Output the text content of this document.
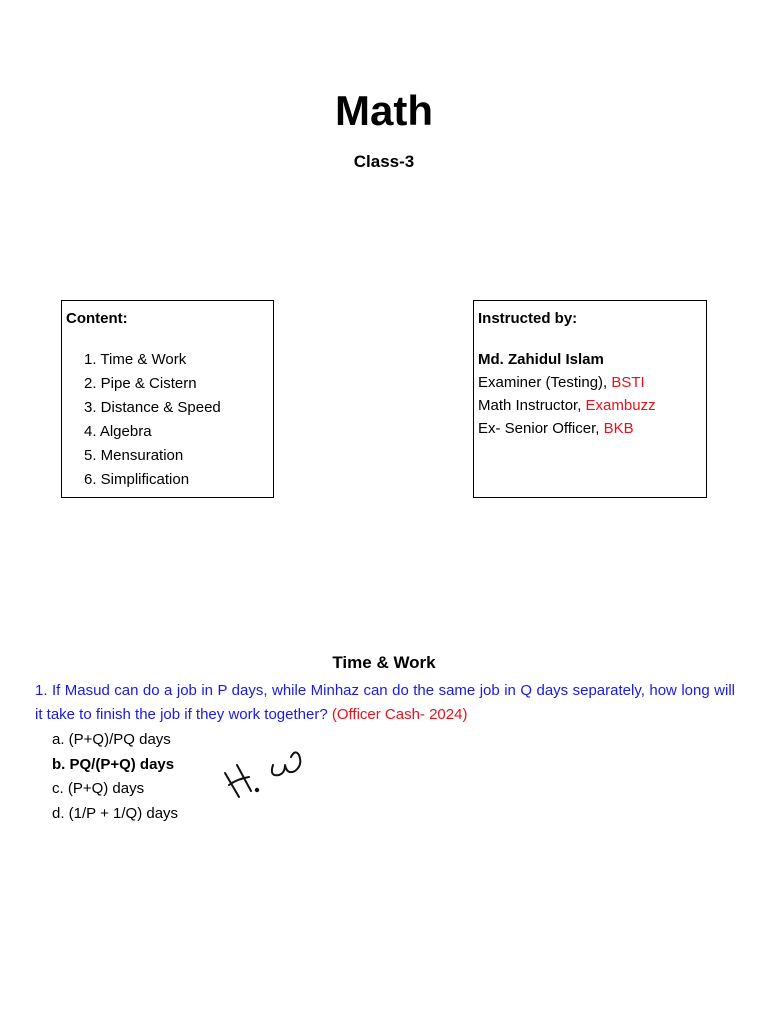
Math
Class-3
Content:
1. Time & Work
2. Pipe & Cistern
3. Distance & Speed
4. Algebra
5. Mensuration
6. Simplification
Instructed by:
Md. Zahidul Islam
Examiner (Testing), BSTI
Math Instructor, Exambuzz
Ex- Senior Officer, BKB
Time & Work
1. If Masud can do a job in P days, while Minhaz can do the same job in Q days separately, how long will it take to finish the job if they work together? (Officer Cash- 2024)
a. (P+Q)/PQ days
b. PQ/(P+Q) days
c. (P+Q) days
d. (1/P + 1/Q) days
